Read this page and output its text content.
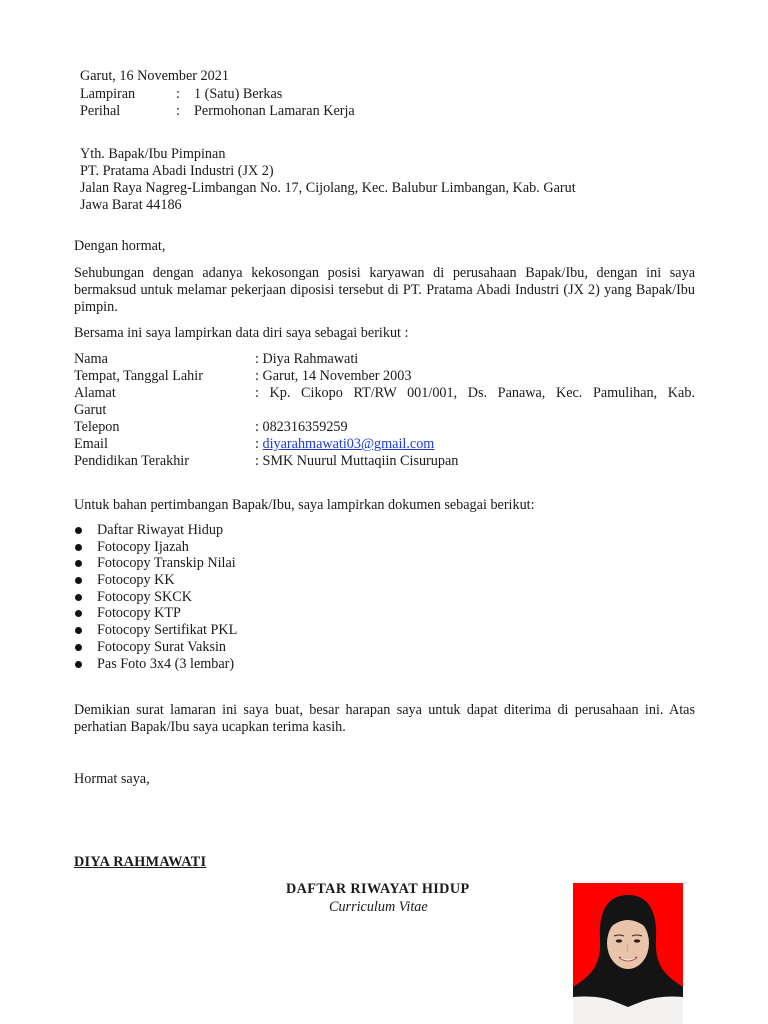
Garut, 16 November 2021
Lampiran	: 1 (Satu) Berkas
Perihal	: Permohonan Lamaran Kerja
Yth. Bapak/Ibu Pimpinan
PT. Pratama Abadi Industri (JX 2)
Jalan Raya Nagreg-Limbangan No. 17, Cijolang, Kec. Balubur Limbangan, Kab. Garut
Jawa Barat 44186
Dengan hormat,
Sehubungan dengan adanya kekosongan posisi karyawan di perusahaan Bapak/Ibu, dengan ini saya bermaksud untuk melamar pekerjaan diposisi tersebut di PT. Pratama Abadi Industri (JX 2) yang Bapak/Ibu pimpin.
Bersama ini saya lampirkan data diri saya sebagai berikut :
Nama	: Diya Rahmawati
Tempat, Tanggal Lahir	: Garut, 14 November 2003
Alamat	: Kp. Cikopo RT/RW 001/001, Ds. Panawa, Kec. Pamulihan, Kab.
Garut
Telepon	: 082316359259
Email	: diyarahmawati03@gmail.com
Pendidikan Terakhir	: SMK Nuurul Muttaqiin Cisurupan
Untuk bahan pertimbangan Bapak/Ibu, saya lampirkan dokumen sebagai berikut:
Daftar Riwayat Hidup
Fotocopy Ijazah
Fotocopy Transkip Nilai
Fotocopy KK
Fotocopy SKCK
Fotocopy KTP
Fotocopy Sertifikat PKL
Fotocopy Surat Vaksin
Pas Foto 3x4 (3 lembar)
Demikian surat lamaran ini saya buat, besar harapan saya untuk dapat diterima di perusahaan ini. Atas perhatian Bapak/Ibu saya ucapkan terima kasih.
Hormat saya,
DIYA RAHMAWATI
DAFTAR RIWAYAT HIDUP
Curriculum Vitae
